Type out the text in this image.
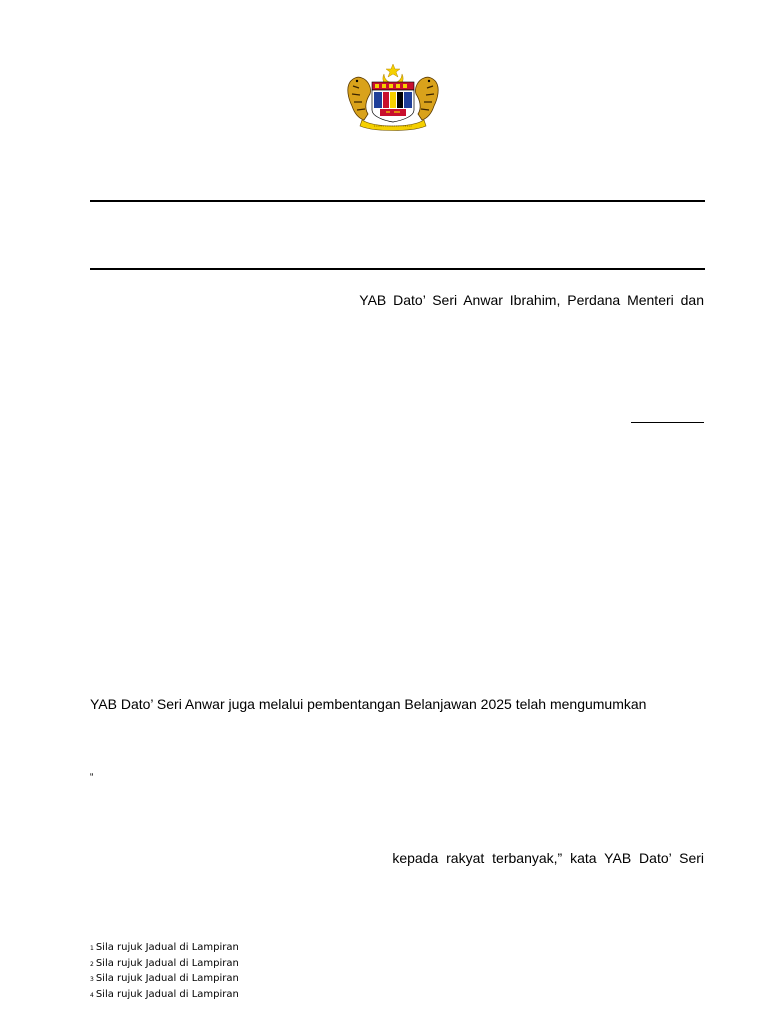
YAB Dato’ Seri Anwar Ibrahim, Perdana Menteri dan
YAB Dato’ Seri Anwar juga melalui pembentangan Belanjawan 2025 telah mengumumkan
“
kepada rakyat terbanyak,” kata YAB Dato’ Seri
1 Sila rujuk Jadual di Lampiran
2 Sila rujuk Jadual di Lampiran
3 Sila rujuk Jadual di Lampiran
4 Sila rujuk Jadual di Lampiran
